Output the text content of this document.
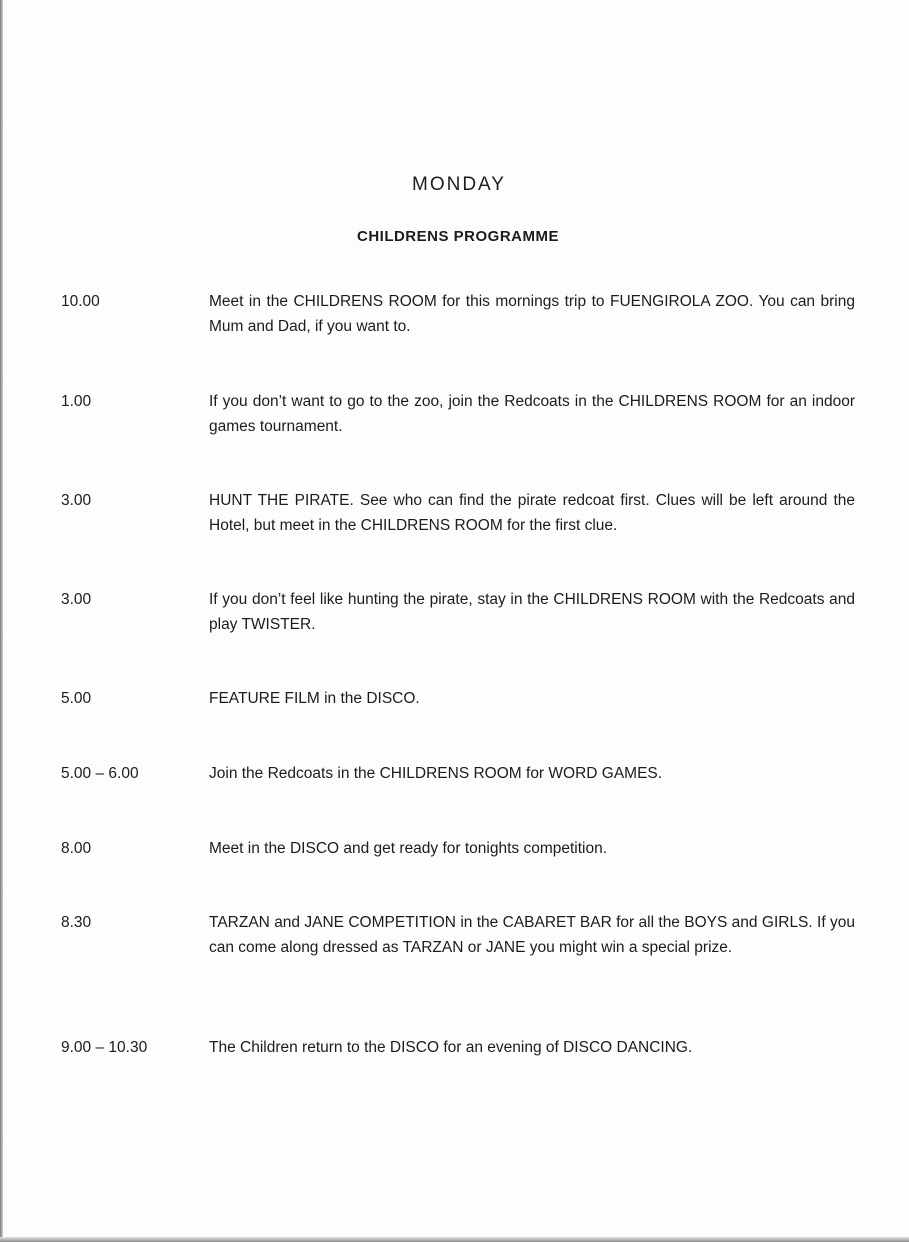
MONDAY
CHILDRENS PROGRAMME
10.00	Meet in the CHILDRENS ROOM for this mornings trip to FUENGIROLA ZOO. You can bring Mum and Dad, if you want to.
1.00	If you don’t want to go to the zoo, join the Redcoats in the CHILDRENS ROOM for an indoor games tournament.
3.00	HUNT THE PIRATE. See who can find the pirate redcoat first. Clues will be left around the Hotel, but meet in the CHILDRENS ROOM for the first clue.
3.00	If you don’t feel like hunting the pirate, stay in the CHILDRENS ROOM with the Redcoats and play TWISTER.
5.00	FEATURE FILM in the DISCO.
5.00 – 6.00	Join the Redcoats in the CHILDRENS ROOM for WORD GAMES.
8.00	Meet in the DISCO and get ready for tonights competition.
8.30	TARZAN and JANE COMPETITION in the CABARET BAR for all the BOYS and GIRLS. If you can come along dressed as TARZAN or JANE you might win a special prize.
9.00 – 10.30	The Children return to the DISCO for an evening of DISCO DANCING.
